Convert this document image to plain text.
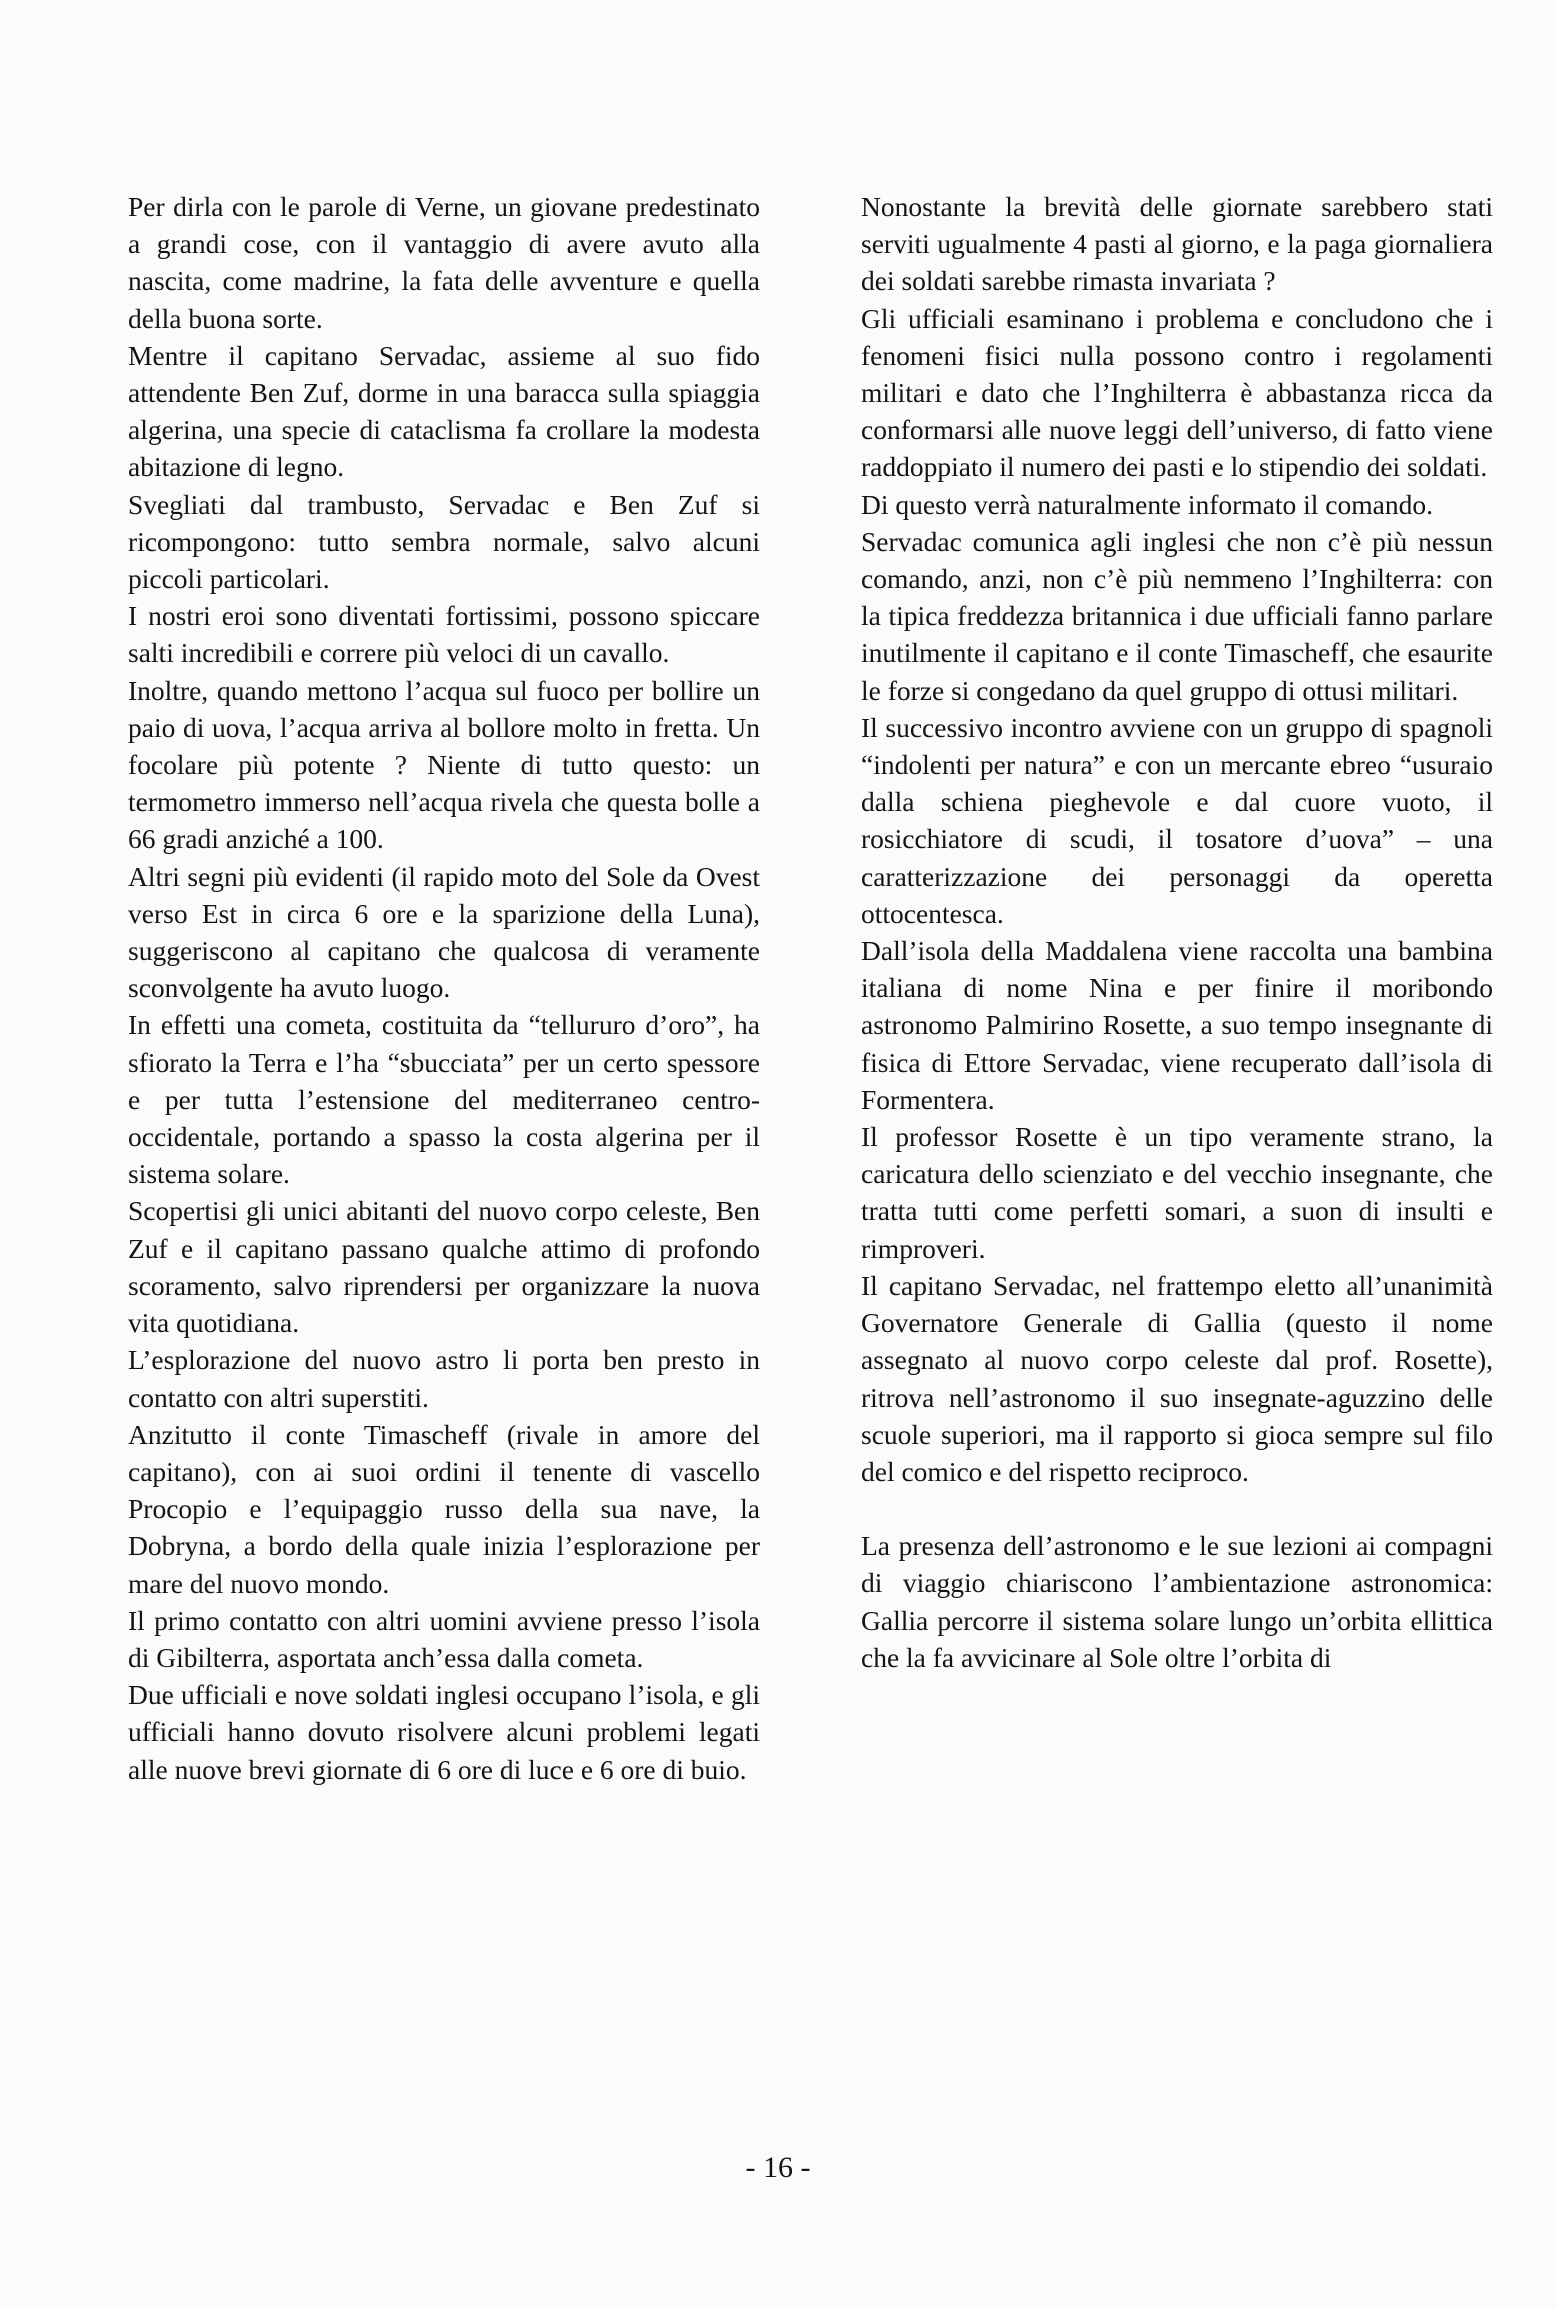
Per dirla con le parole di Verne, un giovane predestinato a grandi cose, con il vantaggio di avere avuto alla nascita, come madrine, la fata delle avventure e quella della buona sorte.

Mentre il capitano Servadac, assieme al suo fido attendente Ben Zuf, dorme in una baracca sulla spiaggia algerina, una specie di cataclisma fa crollare la modesta abitazione di legno.

Svegliati dal trambusto, Servadac e Ben Zuf si ricompongono: tutto sembra normale, salvo alcuni piccoli particolari.

I nostri eroi sono diventati fortissimi, possono spiccare salti incredibili e correre più veloci di un cavallo.

Inoltre, quando mettono l’acqua sul fuoco per bollire un paio di uova, l’acqua arriva al bollore molto in fretta. Un focolare più potente ? Niente di tutto questo: un termometro immerso nell’acqua rivela che questa bolle a 66 gradi anziché a 100.

Altri segni più evidenti (il rapido moto del Sole da Ovest verso Est in circa 6 ore e la sparizione della Luna), suggeriscono al capitano che qualcosa di veramente sconvolgente ha avuto luogo.

In effetti una cometa, costituita da “tellururo d’oro”, ha sfiorato la Terra e l’ha “sbucciata” per un certo spessore e per tutta l’estensione del mediterraneo centro-occidentale, portando a spasso la costa algerina per il sistema solare.

Scopertisi gli unici abitanti del nuovo corpo celeste, Ben Zuf e il capitano passano qualche attimo di profondo scoramento, salvo riprendersi per organizzare la nuova vita quotidiana.

L’esplorazione del nuovo astro li porta ben presto in contatto con altri superstiti.

Anzitutto il conte Timascheff (rivale in amore del capitano), con ai suoi ordini il tenente di vascello Procopio e l’equipaggio russo della sua nave, la Dobryna, a bordo della quale inizia l’esplorazione per mare del nuovo mondo.

Il primo contatto con altri uomini avviene presso l’isola di Gibilterra, asportata anch’essa dalla cometa.

Due ufficiali e nove soldati inglesi occupano l’isola, e gli ufficiali hanno dovuto risolvere alcuni problemi legati alle nuove brevi giornate di 6 ore di luce e 6 ore di buio.

Nonostante la brevità delle giornate sarebbero stati serviti ugualmente 4 pasti al giorno, e la paga giornaliera dei soldati sarebbe rimasta invariata ?

Gli ufficiali esaminano i problema e concludono che i fenomeni fisici nulla possono contro i regolamenti militari e dato che l’Inghilterra è abbastanza ricca da conformarsi alle nuove leggi dell’universo, di fatto viene raddoppiato il numero dei pasti e lo stipendio dei soldati.

Di questo verrà naturalmente informato il comando.

Servadac comunica agli inglesi che non c’è più nessun comando, anzi, non c’è più nemmeno l’Inghilterra: con la tipica freddezza britannica i due ufficiali fanno parlare inutilmente il capitano e il conte Timascheff, che esaurite le forze si congedano da quel gruppo di ottusi militari.

Il successivo incontro avviene con un gruppo di spagnoli “indolenti per natura” e con un mercante ebreo “usuraio dalla schiena pieghevole e dal cuore vuoto, il rosicchiatore di scudi, il tosatore d’uova” – una caratterizzazione dei personaggi da operetta ottocentesca.

Dall’isola della Maddalena viene raccolta una bambina italiana di nome Nina e per finire il moribondo astronomo Palmirino Rosette, a suo tempo insegnante di fisica di Ettore Servadac, viene recuperato dall’isola di Formentera.

Il professor Rosette è un tipo veramente strano, la caricatura dello scienziato e del vecchio insegnante, che tratta tutti come perfetti somari, a suon di insulti e rimproveri.

Il capitano Servadac, nel frattempo eletto all’unanimità Governatore Generale di Gallia (questo il nome assegnato al nuovo corpo celeste dal prof. Rosette), ritrova nell’astronomo il suo insegnate-aguzzino delle scuole superiori, ma il rapporto si gioca sempre sul filo del comico e del rispetto reciproco.

La presenza dell’astronomo e le sue lezioni ai compagni di viaggio chiariscono l’ambientazione astronomica: Gallia percorre il sistema solare lungo un’orbita ellittica che la fa avvicinare al Sole oltre l’orbita di

- 16 -
